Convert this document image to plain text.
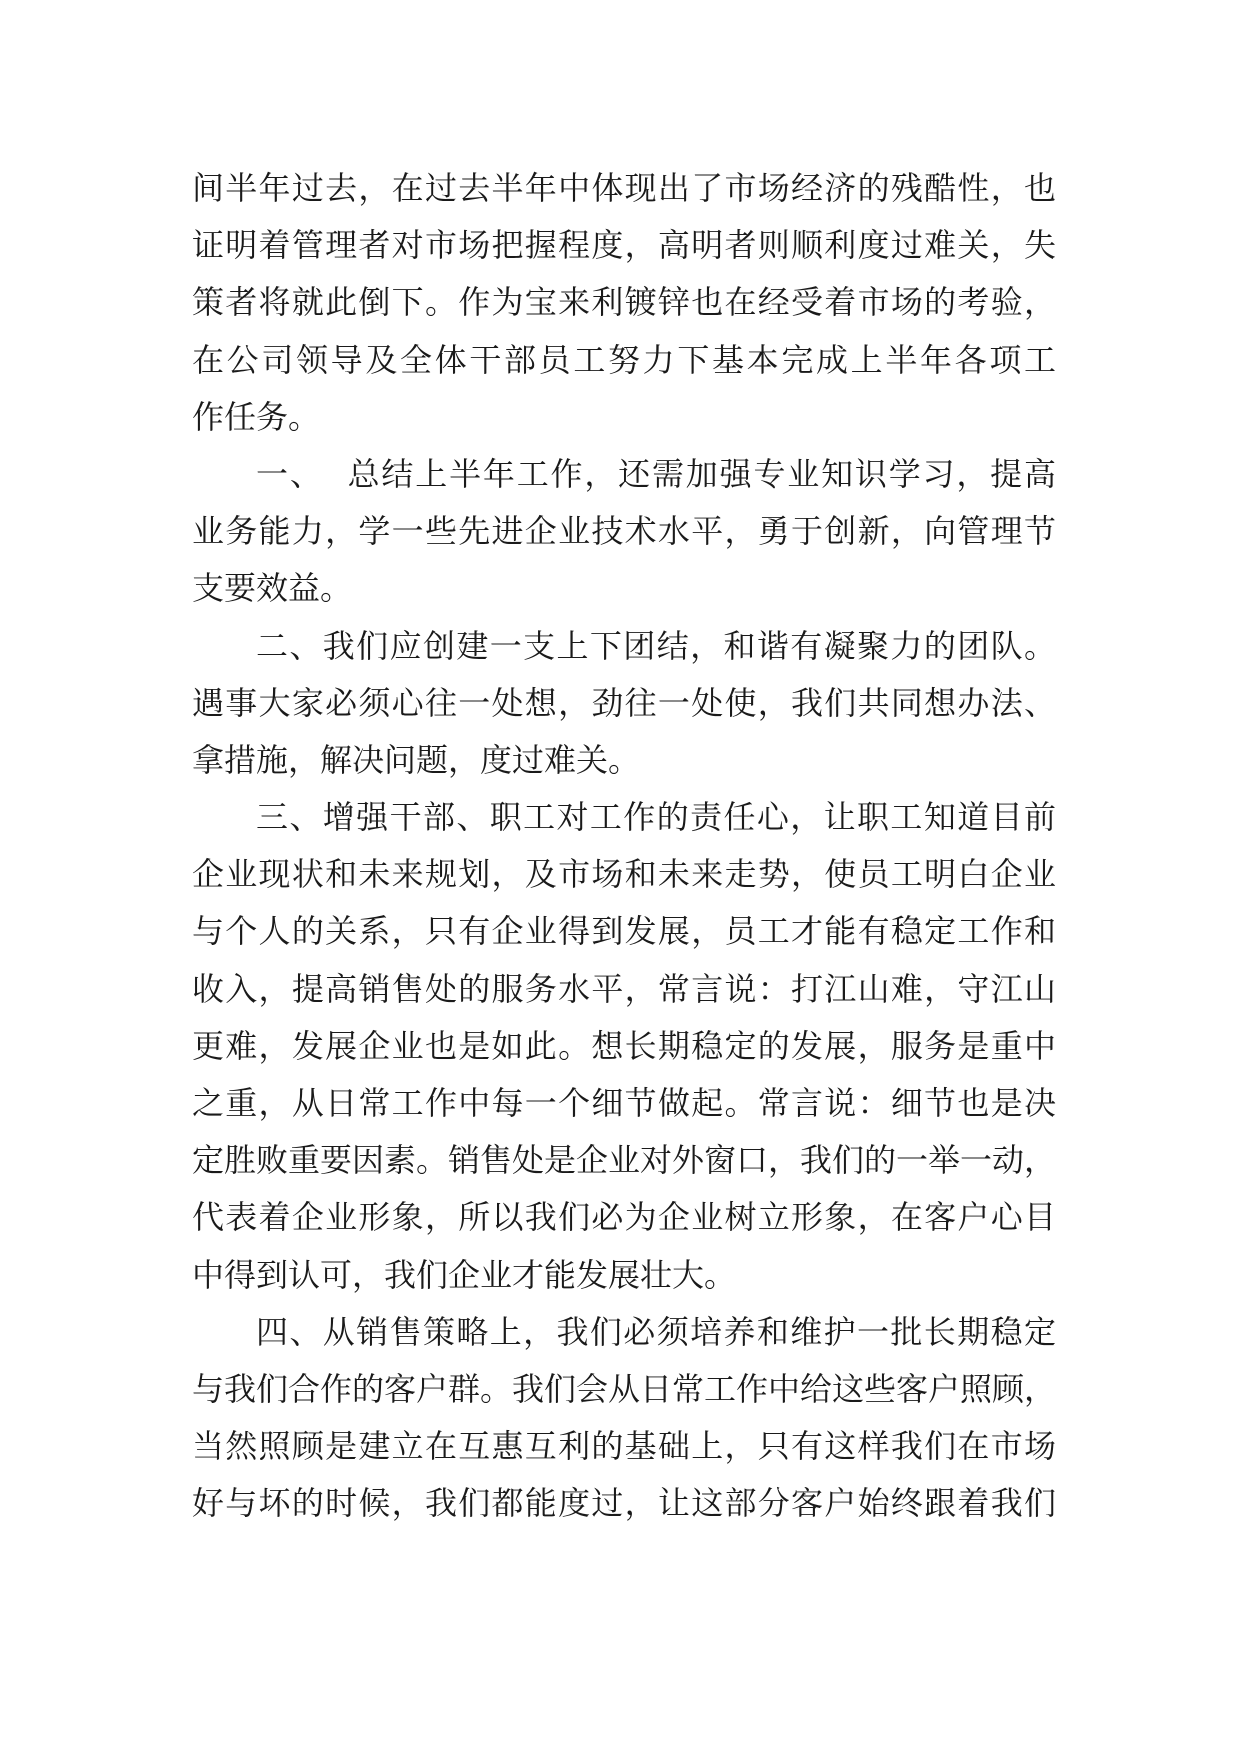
间半年过去，在过去半年中体现出了市场经济的残酷性，也
证明着管理者对市场把握程度，高明者则顺利度过难关，失
策者将就此倒下。作为宝来利镀锌也在经受着市场的考验，
在公司领导及全体干部员工努力下基本完成上半年各项工
作任务。
一、  总结上半年工作，还需加强专业知识学习，提高
业务能力，学一些先进企业技术水平，勇于创新，向管理节
支要效益。
二、我们应创建一支上下团结，和谐有凝聚力的团队。
遇事大家必须心往一处想，劲往一处使，我们共同想办法、
拿措施，解决问题，度过难关。
三、增强干部、职工对工作的责任心，让职工知道目前
企业现状和未来规划，及市场和未来走势，使员工明白企业
与个人的关系，只有企业得到发展，员工才能有稳定工作和
收入，提高销售处的服务水平，常言说：打江山难，守江山
更难，发展企业也是如此。想长期稳定的发展，服务是重中
之重，从日常工作中每一个细节做起。常言说：细节也是决
定胜败重要因素。销售处是企业对外窗口，我们的一举一动，
代表着企业形象，所以我们必为企业树立形象，在客户心目
中得到认可，我们企业才能发展壮大。
四、从销售策略上，我们必须培养和维护一批长期稳定
与我们合作的客户群。我们会从日常工作中给这些客户照顾，
当然照顾是建立在互惠互利的基础上，只有这样我们在市场
好与坏的时候，我们都能度过，让这部分客户始终跟着我们
